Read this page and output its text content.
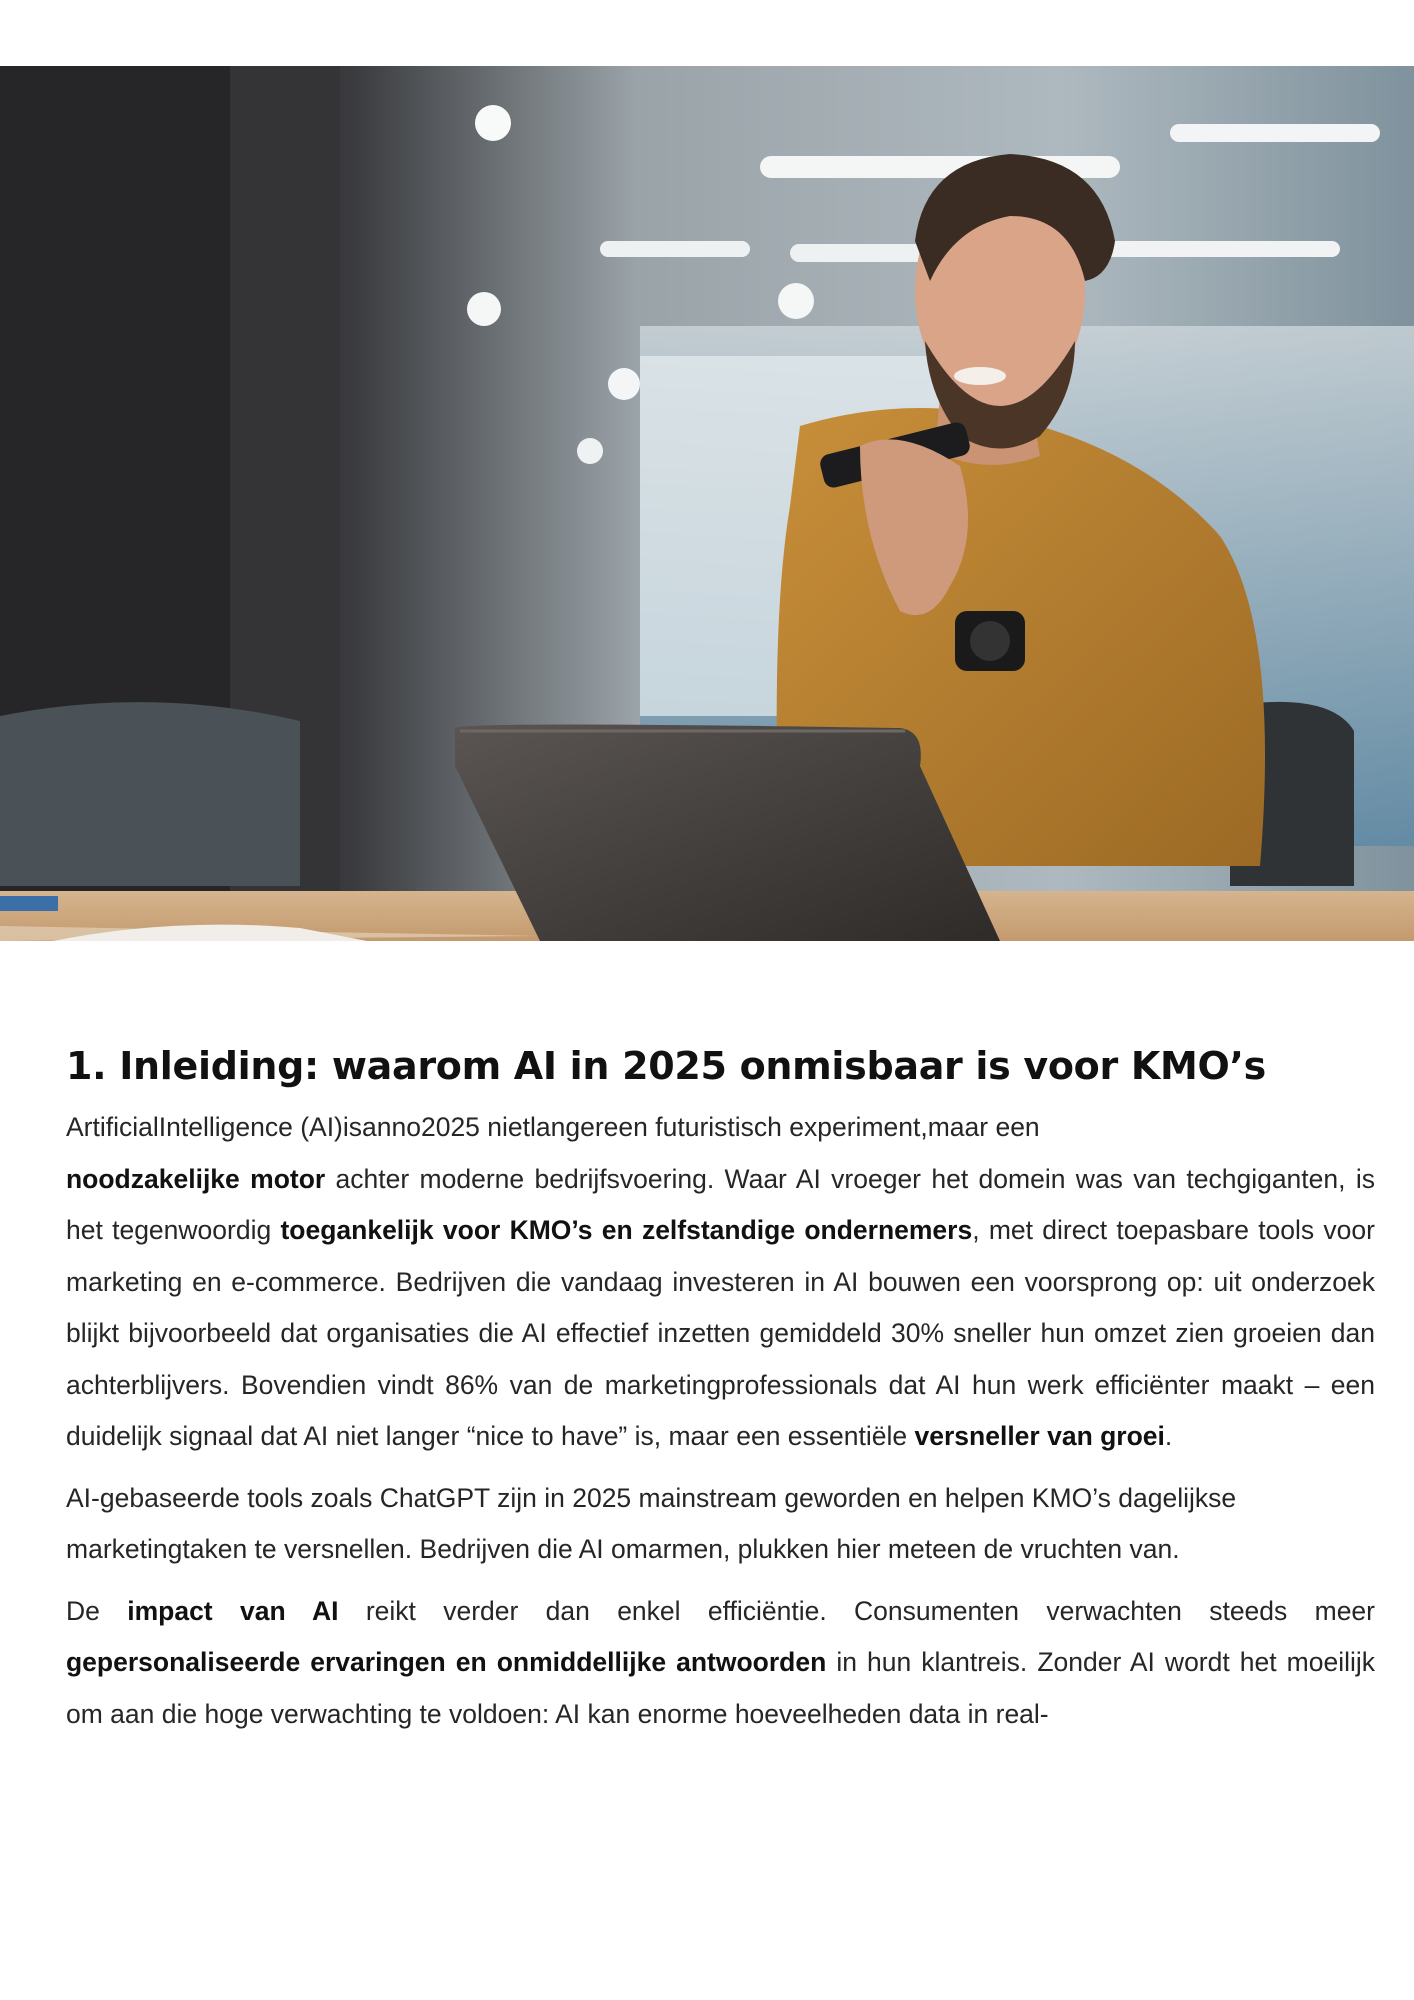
1. Inleiding: waarom AI in 2025 onmisbaar is voor KMO’s
ArtificialIntelligence (AI)isanno2025 nietlangereen futuristisch experiment,maar een

noodzakelijke motor achter moderne bedrijfsvoering. Waar AI vroeger het domein was van techgiganten, is het tegenwoordig toegankelijk voor KMO’s en zelfstandige ondernemers, met direct toepasbare tools voor marketing en e-commerce. Bedrijven die vandaag investeren in AI bouwen een voorsprong op: uit onderzoek blijkt bijvoorbeeld dat organisaties die AI effectief inzetten gemiddeld 30% sneller hun omzet zien groeien dan achterblijvers. Bovendien vindt 86% van de marketingprofessionals dat AI hun werk efficiënter maakt – een duidelijk signaal dat AI niet langer “nice to have” is, maar een essentiële versneller van groei.

AI-gebaseerde tools zoals ChatGPT zijn in 2025 mainstream geworden en helpen KMO’s dagelijkse marketingtaken te versnellen. Bedrijven die AI omarmen, plukken hier meteen de vruchten van.

De impact van AI reikt verder dan enkel efficiëntie. Consumenten verwachten steeds meer gepersonaliseerde ervaringen en onmiddellijke antwoorden in hun klantreis. Zonder AI wordt het moeilijk om aan die hoge verwachting te voldoen: AI kan enorme hoeveelheden data in real-
